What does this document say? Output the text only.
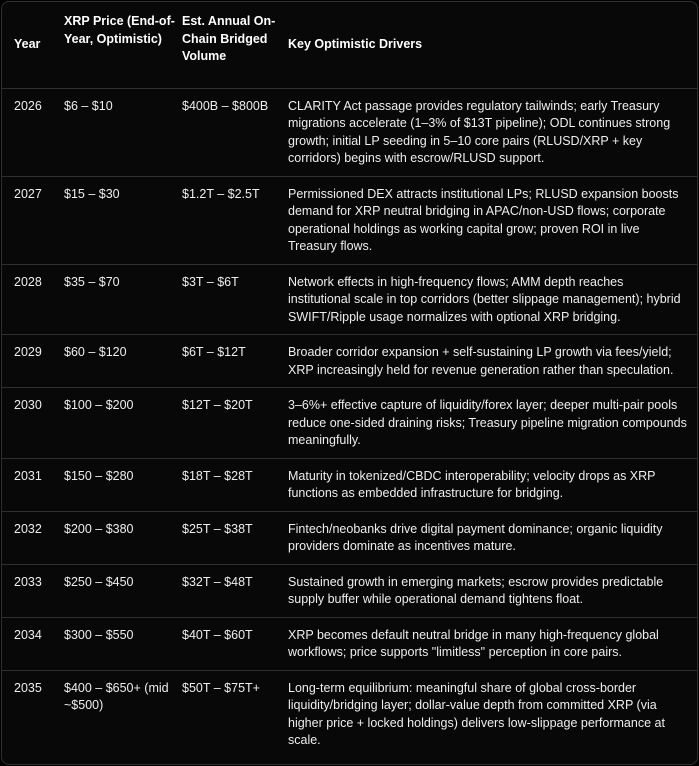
Year	XRP Price (End-of-Year, Optimistic)	Est. Annual On-Chain Bridged Volume	Key Optimistic Drivers
2026	$6 – $10	$400B – $800B	CLARITY Act passage provides regulatory tailwinds; early Treasury migrations accelerate (1–3% of $13T pipeline); ODL continues strong growth; initial LP seeding in 5–10 core pairs (RLUSD/XRP + key corridors) begins with escrow/RLUSD support.
2027	$15 – $30	$1.2T – $2.5T	Permissioned DEX attracts institutional LPs; RLUSD expansion boosts demand for XRP neutral bridging in APAC/non-USD flows; corporate operational holdings as working capital grow; proven ROI in live Treasury flows.
2028	$35 – $70	$3T – $6T	Network effects in high-frequency flows; AMM depth reaches institutional scale in top corridors (better slippage management); hybrid SWIFT/Ripple usage normalizes with optional XRP bridging.
2029	$60 – $120	$6T – $12T	Broader corridor expansion + self-sustaining LP growth via fees/yield; XRP increasingly held for revenue generation rather than speculation.
2030	$100 – $200	$12T – $20T	3–6%+ effective capture of liquidity/forex layer; deeper multi-pair pools reduce one-sided draining risks; Treasury pipeline migration compounds meaningfully.
2031	$150 – $280	$18T – $28T	Maturity in tokenized/CBDC interoperability; velocity drops as XRP functions as embedded infrastructure for bridging.
2032	$200 – $380	$25T – $38T	Fintech/neobanks drive digital payment dominance; organic liquidity providers dominate as incentives mature.
2033	$250 – $450	$32T – $48T	Sustained growth in emerging markets; escrow provides predictable supply buffer while operational demand tightens float.
2034	$300 – $550	$40T – $60T	XRP becomes default neutral bridge in many high-frequency global workflows; price supports "limitless" perception in core pairs.
2035	$400 – $650+ (mid ~$500)	$50T – $75T+	Long-term equilibrium: meaningful share of global cross-border liquidity/bridging layer; dollar-value depth from committed XRP (via higher price + locked holdings) delivers low-slippage performance at scale.
